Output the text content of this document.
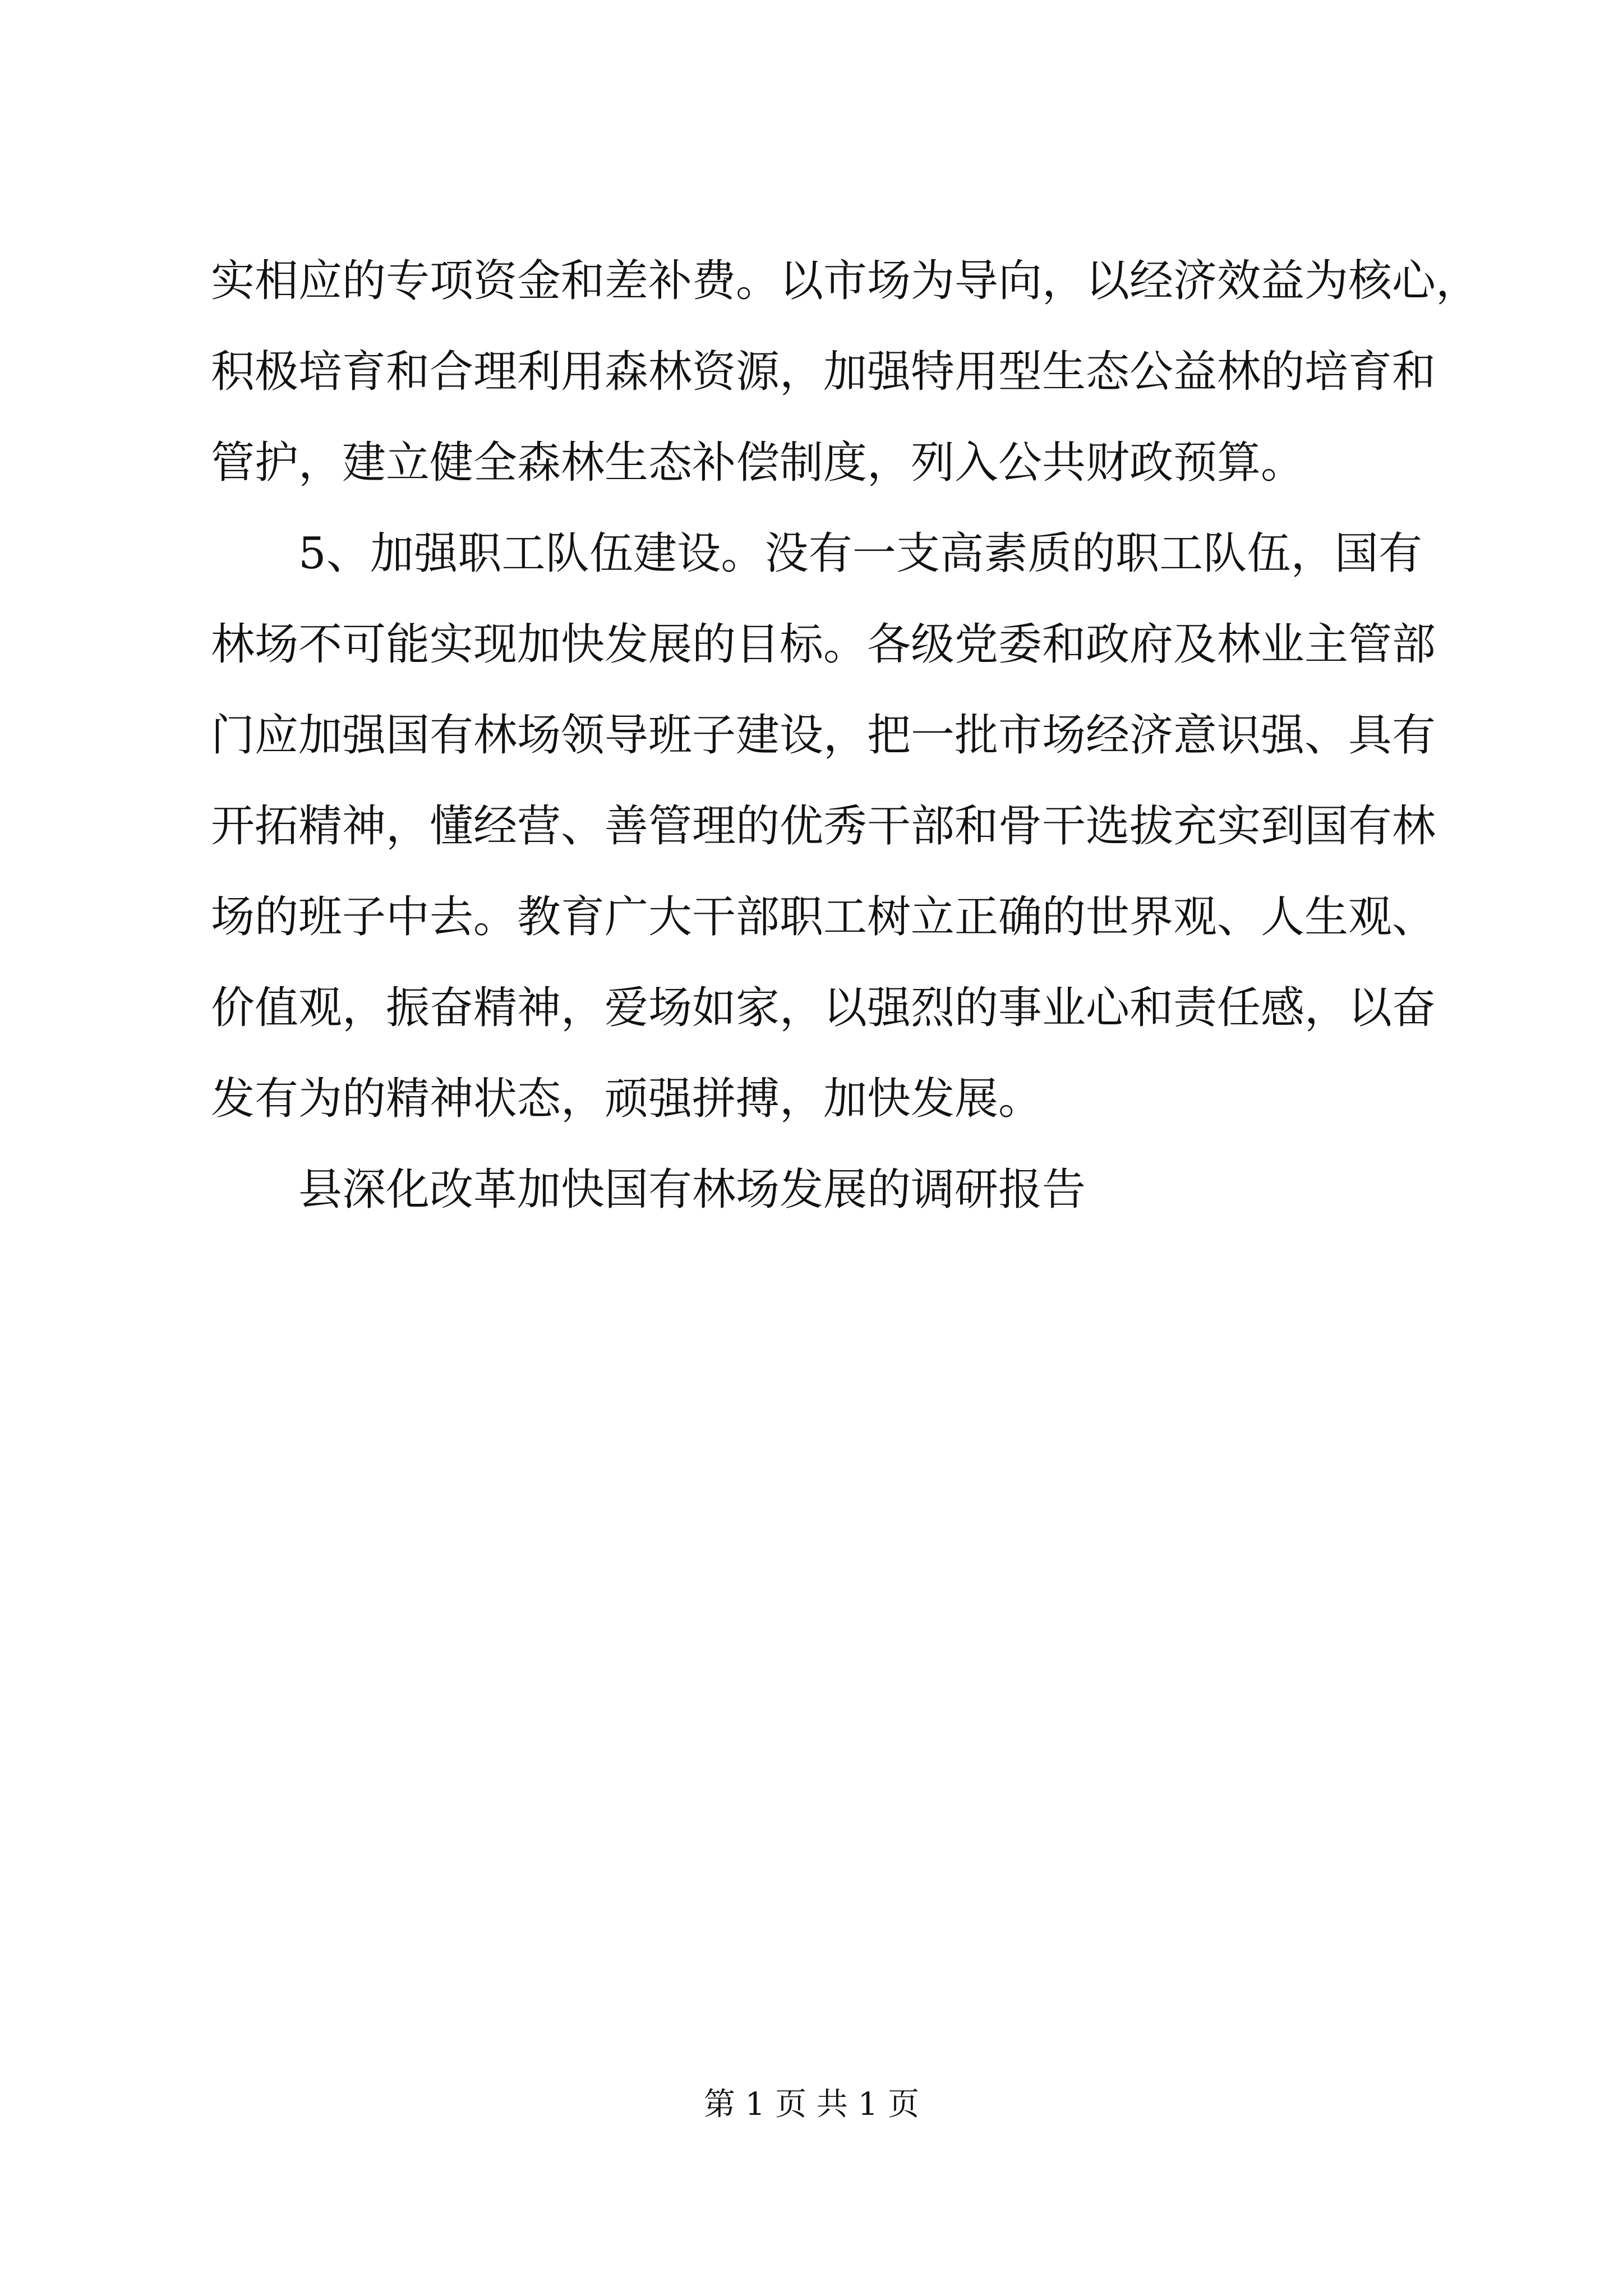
实相应的专项资金和差补费。以市场为导向，以经济效益为核心，
积极培育和合理利用森林资源，加强特用型生态公益林的培育和
管护，建立健全森林生态补偿制度，列入公共财政预算。
5、加强职工队伍建设。没有一支高素质的职工队伍，国有
林场不可能实现加快发展的目标。各级党委和政府及林业主管部
门应加强国有林场领导班子建设，把一批市场经济意识强、具有
开拓精神，懂经营、善管理的优秀干部和骨干选拔充实到国有林
场的班子中去。教育广大干部职工树立正确的世界观、人生观、
价值观，振奋精神，爱场如家，以强烈的事业心和责任感，以奋
发有为的精神状态，顽强拼搏，加快发展。
县深化改革加快国有林场发展的调研报告
第 1 页 共 1 页
